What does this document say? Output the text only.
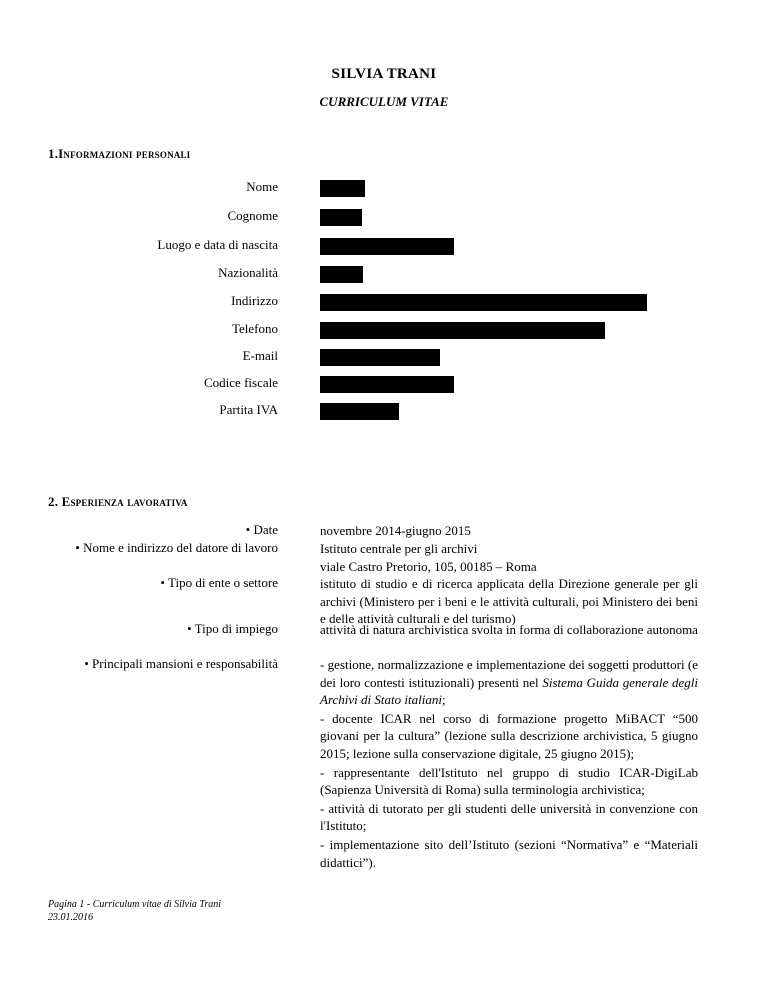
SILVIA TRANI
CURRICULUM VITAE
1.Informazioni personali
Nome
Cognome
Luogo e data di nascita
Nazionalità
Indirizzo
Telefono
E-mail
Codice fiscale
Partita IVA
2. Esperienza lavorativa
• Date	novembre 2014-giugno 2015
• Nome e indirizzo del datore di lavoro	Istituto centrale per gli archivi
viale Castro Pretorio, 105, 00185 – Roma
• Tipo di ente o settore	istituto di studio e di ricerca applicata della Direzione generale per gli archivi (Ministero per i beni e le attività culturali, poi Ministero dei beni e delle attività culturali e del turismo)
• Tipo di impiego	attività di natura archivistica svolta in forma di collaborazione autonoma
• Principali mansioni e responsabilità	- gestione, normalizzazione e implementazione dei soggetti produttori (e dei loro contesti istituzionali) presenti nel Sistema Guida generale degli Archivi di Stato italiani;
- docente ICAR nel corso di formazione progetto MiBACT “500 giovani per la cultura” (lezione sulla descrizione archivistica, 5 giugno 2015; lezione sulla conservazione digitale, 25 giugno 2015);
- rappresentante dell'Istituto nel gruppo di studio ICAR-DigiLab (Sapienza Università di Roma) sulla terminologia archivistica;
- attività di tutorato per gli studenti delle università in convenzione con l'Istituto;
- implementazione sito dell’Istituto (sezioni “Normativa” e “Materiali didattici”).
Pagina 1 - Curriculum vitae di Silvia Trani
23.01.2016
